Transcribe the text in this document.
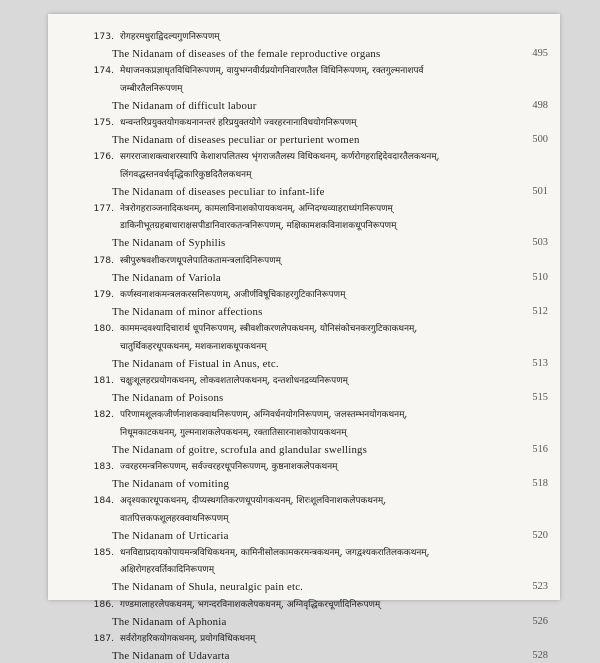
173. रोगहरमधुराद्विदल्यगुणनिरूपणम्
The Nidanam of diseases of the female reproductive organs	495
174. मेधाजनकप्रज्ञाधृतविधिनिरूपणम्, वायुभग्नवीर्यप्रयोगनिवारणतैल विधिनिरूपणम्, रक्तगुल्मनाशपर्व
जम्बीरतैलनिरूपणम्
The Nidanam of difficult labour	498
175. धन्वन्तरिप्रयुक्तयोगकथनानन्तरं हरिप्रयुक्तयोगे ज्वरहरनानाविधयोगनिरूपणम्
The Nidanam of diseases peculiar or perturient women	500
176. सगरराजाशक्त्वाशरस्यापि केशाशपलितस्य भृंगराजतैलस्य विधिकथनम्, कर्णरोगहराद्दिदेवदारतैलकथनम्,
लिंगवद्धस्तनवर्धवृद्धिकारिकुष्ठदितैलकथनम्
The Nidanam of diseases peculiar to infant-life	501
177. नेत्ररोगहराञ्जनादिकथनम्, कामलाविनाशकोपायकथनम्, अग्निदग्धव्याहराध्यंगनिरूपणम्
डाकिनीभूतग्रहबाधाराक्षसपीडानिवारकतन्त्रनिरूपणम्, मक्षिकामशकविनाशकधूपनिरूपणम्
The Nidanam of Syphilis	503
178. स्त्रीपुरुषवशीकरणधूपलेपातिकतामन्त्रलादिनिरूपणम्
The Nidanam of Variola	510
179. कर्णस्वनाशकमन्त्रलकरसनिरूपणम्, अजीर्णविषूचिकाहरगुटिकानिरूपणम्
The Nidanam of minor affections	512
180. काममन्दवश्यादिचारार्थ धूपनिरूपणम्, स्त्रीवशीकरणलेपकथनम्, योनिसंकोचनकरगुटिकाकथनम्,
चातुर्थिकहरधूपकथनम्, मशकनाशकधूपकथनम्
The Nidanam of Fistual in Anus, etc.	513
181. चक्षुःशूलहरप्रयोगकथनम्, लोकवशतालेपकथनम्, दन्तशोधनद्रव्यनिरूपणम्
The Nidanam of Poisons	515
182. परिणामशूलकजीर्णनाशकक्वाथनिरूपणम्, अग्निवर्धनयोगनिरूपणम्, जलस्तम्भनयोगकथनम्,
निधूमकाटकथनम्, गुल्मनाशकलेपकथनम्, रक्तातिसारनाशकोपायकथनम्
The Nidanam of goitre, scrofula and glandular swellings	516
183. ज्वरहरमन्त्रनिरूपणम्, सर्वज्वरहरधूपनिरूपणम्, कुष्ठनाशकलेपकथनम्
The Nidanam of vomiting	518
184. अदृश्यकारधूपकथनम्, दीप्यस्थगतिकरणधूपयोगकथनम्, शिरःशूलविनाशकलेपकथनम्,
वातपित्तकफशूलहरक्वाथनिरूपणम्
The Nidanam of Urticaria	520
185. धनविद्याप्रदायकोपायमन्त्रविधिकथनम्, कामिनीसोलकामकरमन्त्रकथनम्, जगद्वश्यकरातिलककथनम्,
अक्षिरोगहरवर्तिकादिनिरूपणम्
The Nidanam of Shula, neuralgic pain etc.	523
186. गण्डमालाहरलेपकथनम्, भगन्दरविनाशकलेपकथनम्, अग्निवृद्धिकरचूर्णादिनिरूपणम्
The Nidanam of Aphonia	526
187. सर्वरोगहरिकयोगकथनम्, प्रयोगविधिकथनम्
The Nidanam of Udavarta	528
